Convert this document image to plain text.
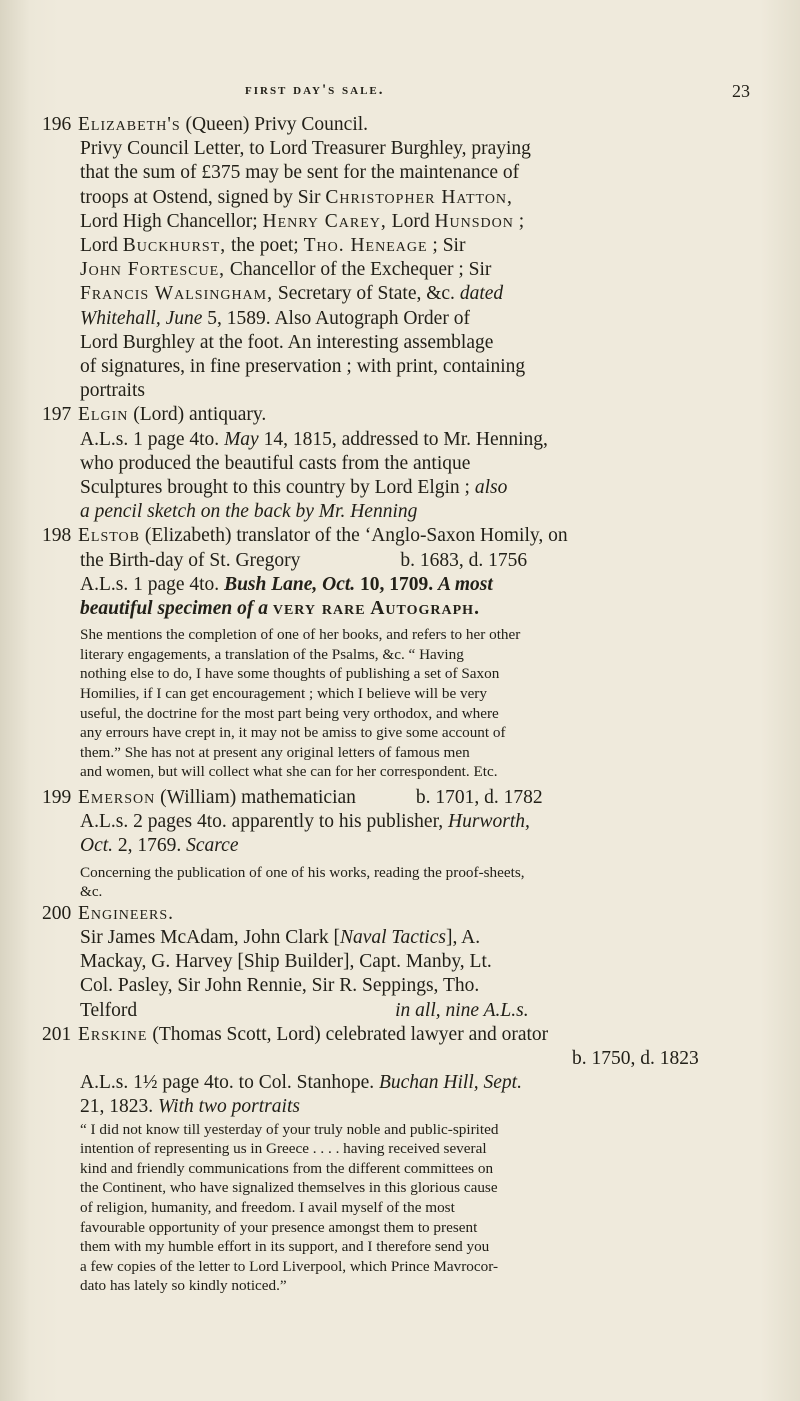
first day's sale.	23
196 Elizabeth's (Queen) Privy Council.
Privy Council Letter, to Lord Treasurer Burghley, praying
that the sum of £375 may be sent for the maintenance of
troops at Ostend, signed by Sir Christopher Hatton,
Lord High Chancellor; Henry Carey, Lord Hunsdon ;
Lord Buckhurst, the poet; Tho. Heneage ; Sir
John Fortescue, Chancellor of the Exchequer ; Sir
Francis Walsingham, Secretary of State, &c. dated
Whitehall, June 5, 1589. Also Autograph Order of
Lord Burghley at the foot. An interesting assemblage
of signatures, in fine preservation ; with print, containing
portraits
197 Elgin (Lord) antiquary.
A.L.s. 1 page 4to. May 14, 1815, addressed to Mr. Henning,
who produced the beautiful casts from the antique
Sculptures brought to this country by Lord Elgin ; also
a pencil sketch on the back by Mr. Henning
198 Elstob (Elizabeth) translator of the ‘Anglo-Saxon Homily, on
the Birth-day of St. Gregory	b. 1683, d. 1756
A.L.s. 1 page 4to. Bush Lane, Oct. 10, 1709. A most
beautiful specimen of a very rare Autograph.
She mentions the completion of one of her books, and refers to her other
literary engagements, a translation of the Psalms, &c. “ Having
nothing else to do, I have some thoughts of publishing a set of Saxon
Homilies, if I can get encouragement ; which I believe will be very
useful, the doctrine for the most part being very orthodox, and where
any errours have crept in, it may not be amiss to give some account of
them.” She has not at present any original letters of famous men
and women, but will collect what she can for her correspondent. Etc.
199 Emerson (William) mathematician	b. 1701, d. 1782
A.L.s. 2 pages 4to. apparently to his publisher, Hurworth,
Oct. 2, 1769. Scarce
Concerning the publication of one of his works, reading the proof-sheets,
&c.
200 Engineers.
Sir James McAdam, John Clark [Naval Tactics], A.
Mackay, G. Harvey [Ship Builder], Capt. Manby, Lt.
Col. Pasley, Sir John Rennie, Sir R. Seppings, Tho.
Telford	in all, nine A.L.s.
201 Erskine (Thomas Scott, Lord) celebrated lawyer and orator
b. 1750, d. 1823
A.L.s. 1½ page 4to. to Col. Stanhope. Buchan Hill, Sept.
21, 1823. With two portraits
“ I did not know till yesterday of your truly noble and public-spirited
intention of representing us in Greece . . . . having received several
kind and friendly communications from the different committees on
the Continent, who have signalized themselves in this glorious cause
of religion, humanity, and freedom. I avail myself of the most
favourable opportunity of your presence amongst them to present
them with my humble effort in its support, and I therefore send you
a few copies of the letter to Lord Liverpool, which Prince Mavrocor-
dato has lately so kindly noticed.”
